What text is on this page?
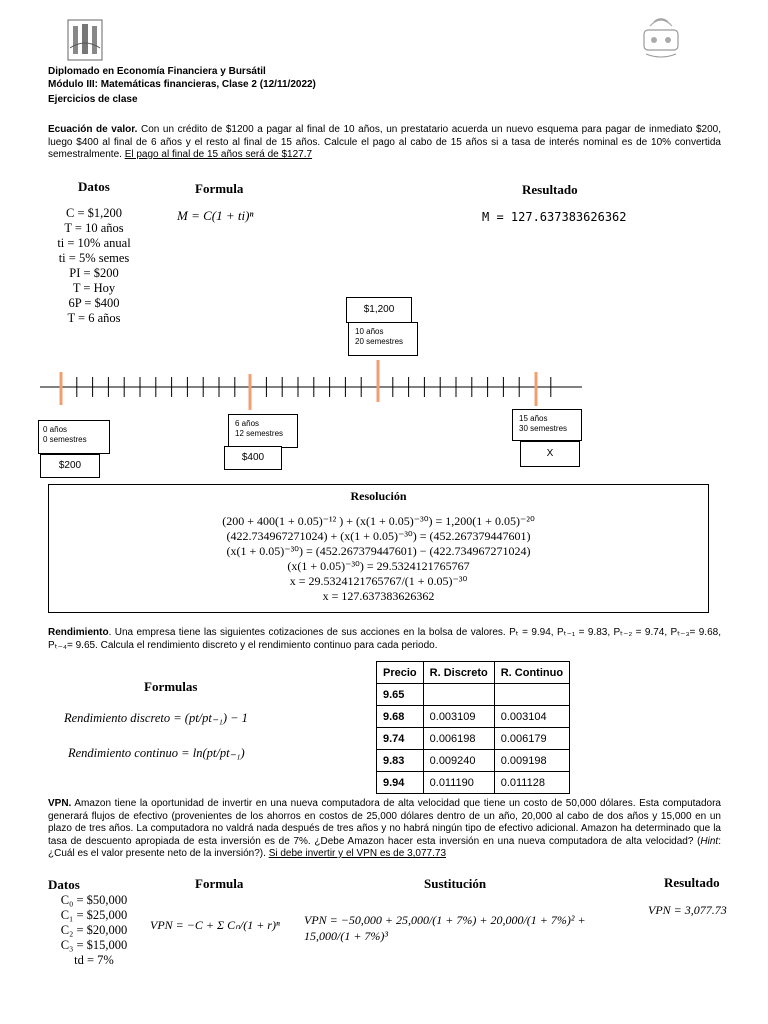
Diplomado en Economía Financiera y Bursátil
Módulo III: Matemáticas financieras, Clase 2 (12/11/2022)
Ejercicios de clase
Ecuación de valor. Con un crédito de $1200 a pagar al final de 10 años, un prestatario acuerda un nuevo esquema para pagar de inmediato $200, luego $400 al final de 6 años y el resto al final de 15 años. Calcule el pago al cabo de 15 años si a tasa de interés nominal es de 10% convertida semestralmente. El pago al final de 15 años será de $127.7
Datos	Formula	Resultado
C = $1,200
T = 10 años
ti = 10% anual
ti = 5% semes
PI = $200
T = Hoy
6P = $400
T = 6 años
M = C(1 + ti)ⁿ	M = 127.637383626362
$1,200
10 años
20 semestres
0 años
0 semestres
$200
6 años
12 semestres
$400
15 años
30 semestres
X
Resolución
(200 + 400(1 + 0.05)⁻¹² ) + (x(1 + 0.05)⁻³⁰) = 1,200(1 + 0.05)⁻²⁰
(422.734967271024) + (x(1 + 0.05)⁻³⁰) = (452.267379447601)
(x(1 + 0.05)⁻³⁰) = (452.267379447601) − (422.734967271024)
(x(1 + 0.05)⁻³⁰) = 29.5324121765767
x = 29.5324121765767/(1 + 0.05)⁻³⁰
x = 127.637383626362
Rendimiento. Una empresa tiene las siguientes cotizaciones de sus acciones en la bolsa de valores. Pₜ = 9.94, Pₜ₋₁ = 9.83, Pₜ₋₂ = 9.74, Pₜ₋₃= 9.68, Pₜ₋₄= 9.65. Calcula el rendimiento discreto y el rendimiento continuo para cada periodo.
Formulas
Rendimiento discreto = (pt/pt₋₁) − 1
Rendimiento continuo = ln(pt/pt₋₁)
Precio	R. Discreto	R. Continuo
9.65		
9.68	0.003109	0.003104
9.74	0.006198	0.006179
9.83	0.009240	0.009198
9.94	0.011190	0.011128
VPN. Amazon tiene la oportunidad de invertir en una nueva computadora de alta velocidad que tiene un costo de 50,000 dólares. Esta computadora generará flujos de efectivo (provenientes de los ahorros en costos de 25,000 dólares dentro de un año, 20,000 al cabo de dos años y 15,000 en un plazo de tres años. La computadora no valdrá nada después de tres años y no habrá ningún tipo de efectivo adicional. Amazon ha determinado que la tasa de descuento apropiada de esta inversión es de 7%. ¿Debe Amazon hacer esta inversión en una nueva computadora de alta velocidad? (Hint: ¿Cuál es el valor presente neto de la inversión?). Si debe invertir y el VPN es de 3,077.73
Datos	Formula	Sustitución	Resultado
C₀ = $50,000
C₁ = $25,000
C₂ = $20,000
C₃ = $15,000
td = 7%
VPN = −C + Σ Cₙ/(1 + r)ⁿ	VPN = −50,000 + 25,000/(1 + 7%) + 20,000/(1 + 7%)² + 15,000/(1 + 7%)³
VPN = 3,077.73
